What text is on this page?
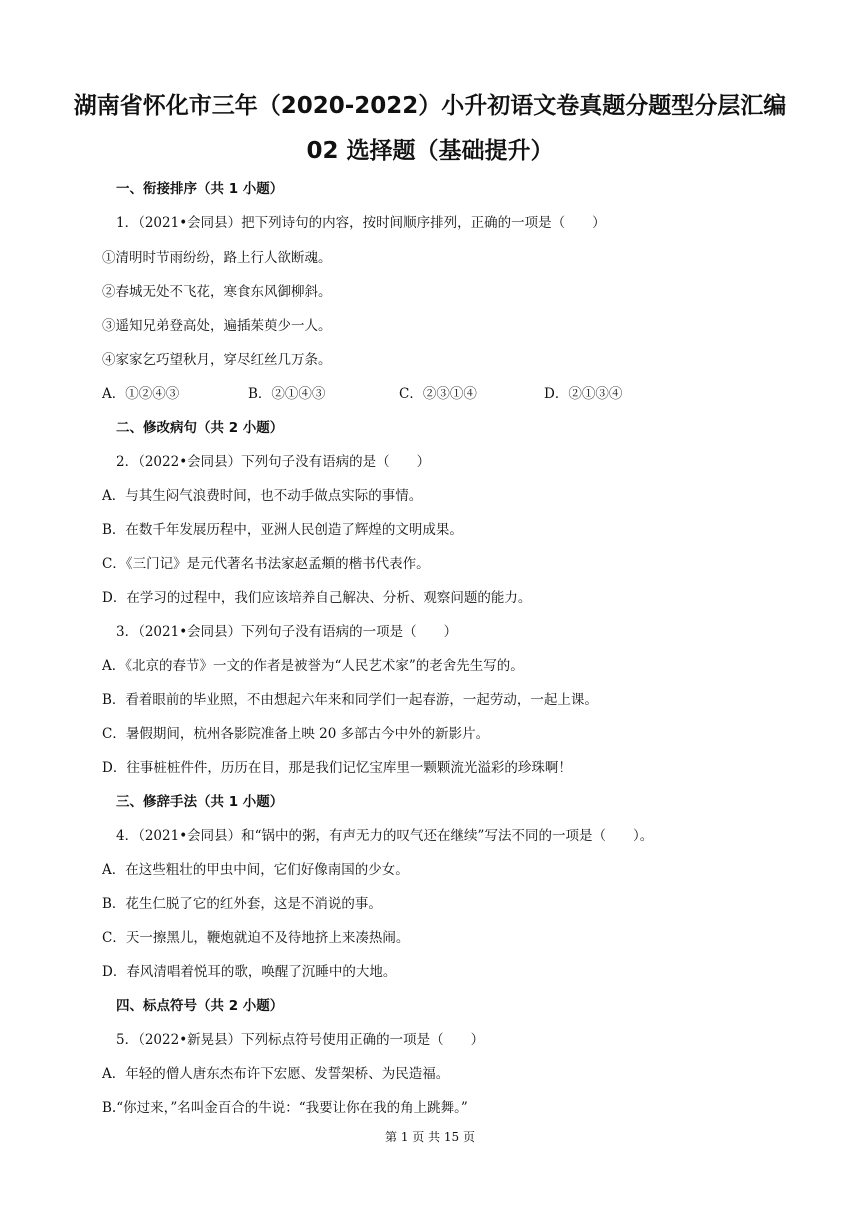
湖南省怀化市三年（2020-2022）小升初语文卷真题分题型分层汇编
02 选择题（基础提升）
一、衔接排序（共 1 小题）
1．（2021•会同县）把下列诗句的内容，按时间顺序排列，正确的一项是（　　）
①清明时节雨纷纷，路上行人欲断魂。
②春城无处不飞花，寒食东风御柳斜。
③遥知兄弟登高处，遍插茱萸少一人。
④家家乞巧望秋月，穿尽红丝几万条。
A．①②④③	B．②①④③	C．②③①④	D．②①③④
二、修改病句（共 2 小题）
2．（2022•会同县）下列句子没有语病的是（　　）
A．与其生闷气浪费时间，也不动手做点实际的事情。
B．在数千年发展历程中，亚洲人民创造了辉煌的文明成果。
C．《三门记》是元代著名书法家赵孟頫的楷书代表作。
D．在学习的过程中，我们应该培养自己解决、分析、观察问题的能力。
3．（2021•会同县）下列句子没有语病的一项是（　　）
A．《北京的春节》一文的作者是被誉为“人民艺术家”的老舍先生写的。
B．看着眼前的毕业照，不由想起六年来和同学们一起春游，一起劳动，一起上课。
C．暑假期间，杭州各影院准备上映 20 多部古今中外的新影片。
D．往事桩桩件件，历历在目，那是我们记忆宝库里一颗颗流光溢彩的珍珠啊！
三、修辞手法（共 1 小题）
4．（2021•会同县）和“锅中的粥，有声无力的叹气还在继续”写法不同的一项是（　　）。
A．在这些粗壮的甲虫中间，它们好像南国的少女。
B．花生仁脱了它的红外套，这是不消说的事。
C．天一擦黑儿，鞭炮就迫不及待地挤上来凑热闹。
D．春风清唱着悦耳的歌，唤醒了沉睡中的大地。
四、标点符号（共 2 小题）
5．（2022•新晃县）下列标点符号使用正确的一项是（　　）
A．年轻的僧人唐东杰布许下宏愿、发誓架桥、为民造福。
B.“你过来，”名叫金百合的牛说：“我要让你在我的角上跳舞。”
第 1 页 共 15 页
